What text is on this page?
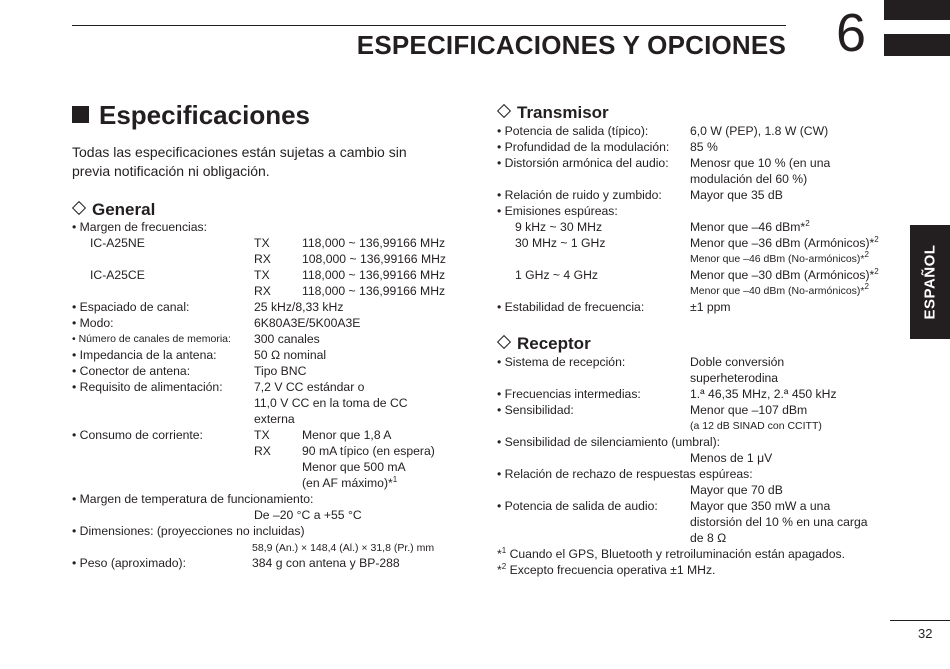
ESPECIFICACIONES Y OPCIONES 6
ESPAÑOL
Especificaciones
Todas las especificaciones están sujetas a cambio sin
previa notificación ni obligación.
General
• Margen de frecuencias:
IC-A25NE	TX	118,000 ~ 136,99166 MHz
RX	108,000 ~ 136,99166 MHz
IC-A25CE	TX	118,000 ~ 136,99166 MHz
RX	118,000 ~ 136,99166 MHz
• Espaciado de canal:	25 kHz/8,33 kHz
• Modo:	6K80A3E/5K00A3E
• Número de canales de memoria: 300 canales
• Impedancia de la antena:	50 Ω nominal
• Conector de antena:	Tipo BNC
• Requisito de alimentación:	7,2 V CC estándar o
11,0 V CC en la toma de CC
externa
• Consumo de corriente:	TX	Menor que 1,8 A
RX	90 mA típico (en espera)
Menor que 500 mA
(en AF máximo)*$^1$
• Margen de temperatura de funcionamiento:
De –20 °C a +55 °C
• Dimensiones: (proyecciones no incluidas)
58,9 (An.) × 148,4 (Al.) × 31,8 (Pr.) mm
• Peso (aproximado):	384 g con antena y BP-288
Transmisor
• Potencia de salida (típico):	6,0 W (PEP), 1.8 W (CW)
• Profundidad de la modulación: 85 %
• Distorsión armónica del audio: Menosr que 10 % (en una
modulación del 60 %)
• Relación de ruido y zumbido: Mayor que 35 dB
• Emisiones espúreas:
9 kHz ~ 30 MHz	Menor que –46 dBm*$^2$
30 MHz ~ 1 GHz	Menor que –36 dBm (Armónicos)*$^2$
Menor que –46 dBm (No-armónicos)*$^2$
1 GHz ~ 4 GHz	Menor que –30 dBm (Armónicos)*$^2$
Menor que –40 dBm (No-armónicos)*$^2$
• Estabilidad de frecuencia:	±1 ppm
Receptor
• Sistema de recepción:	Doble conversión
superheterodina
• Frecuencias intermedias:	1.ª 46,35 MHz, 2.ª 450 kHz
• Sensibilidad:	Menor que –107 dBm
(a 12 dB SINAD con CCITT)
• Sensibilidad de silenciamiento (umbral):
Menos de 1 μV
• Relación de rechazo de respuestas espúreas:
Mayor que 70 dB
• Potencia de salida de audio:	Mayor que 350 mW a una
distorsión del 10 % en una carga
de 8 Ω
*$^1$ Cuando el GPS, Bluetooth y retroiluminación están apagados.
*$^2$ Excepto frecuencia operativa ±1 MHz.
32
